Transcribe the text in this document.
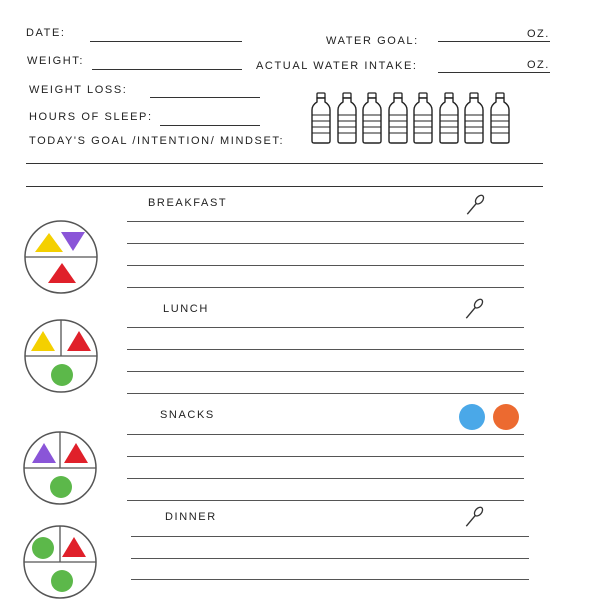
DATE:
WEIGHT:
WEIGHT LOSS:
HOURS OF SLEEP:
TODAY'S GOAL /INTENTION/ MINDSET:
WATER GOAL:
OZ.
ACTUAL WATER INTAKE:	OZ.
BREAKFAST
LUNCH
SNACKS
DINNER
